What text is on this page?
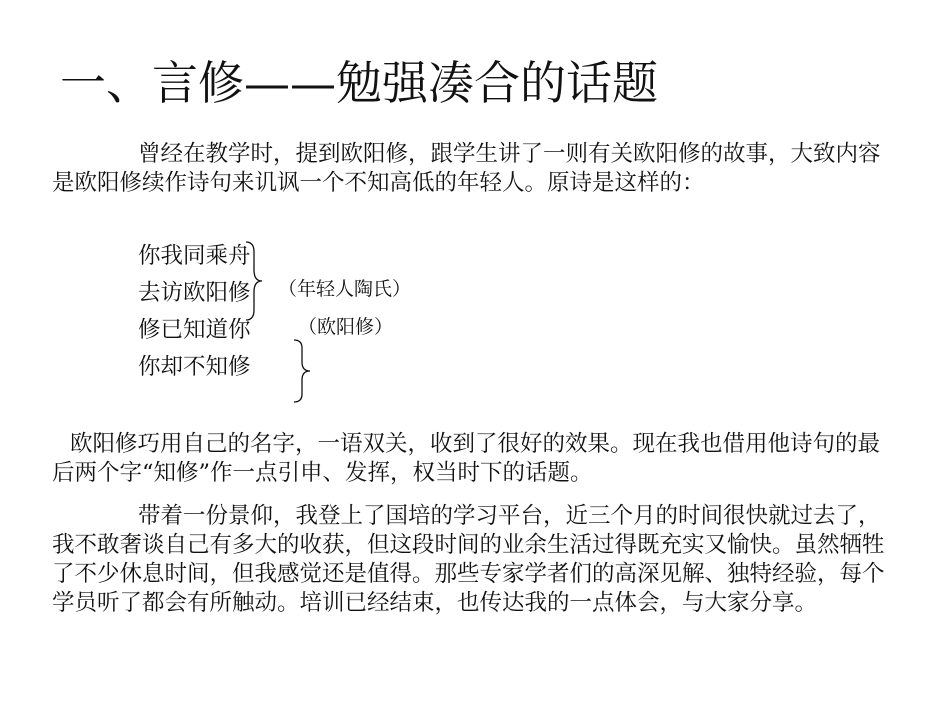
一、言修——勉强凑合的话题

曾经在教学时，提到欧阳修，跟学生讲了一则有关欧阳修的故事，大致内容是欧阳修续作诗句来讥讽一个不知高低的年轻人。原诗是这样的：

你我同乘舟
去访欧阳修
修已知道你
你却不知修
（年轻人陶氏）
（欧阳修）

欧阳修巧用自己的名字，一语双关，收到了很好的效果。现在我也借用他诗句的最后两个字“知修”作一点引申、发挥，权当时下的话题。

带着一份景仰，我登上了国培的学习平台，近三个月的时间很快就过去了，我不敢奢谈自己有多大的收获，但这段时间的业余生活过得既充实又愉快。虽然牺牲了不少休息时间，但我感觉还是值得。那些专家学者们的高深见解、独特经验，每个学员听了都会有所触动。培训已经结束，也传达我的一点体会，与大家分享。
